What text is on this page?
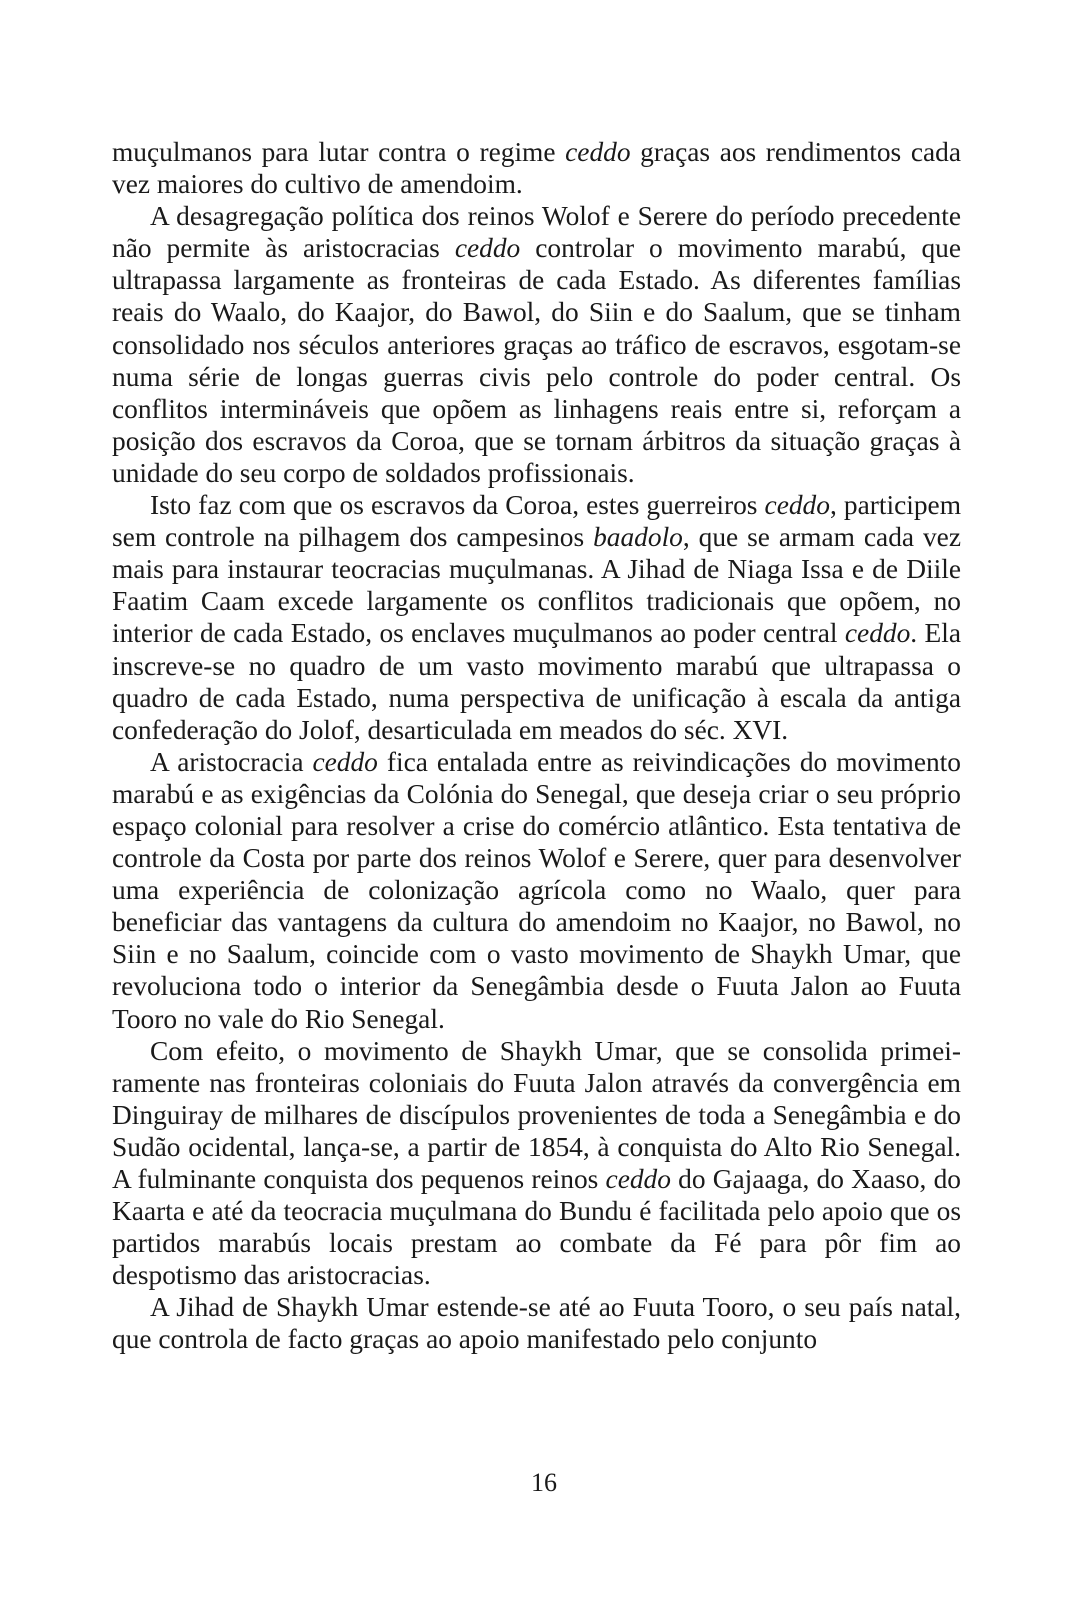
muçulmanos para lutar contra o regime ceddo graças aos rendimentos cada vez maiores do cultivo de amendoim.

A desagregação política dos reinos Wolof e Serere do período precedente não permite às aristocracias ceddo controlar o movimento marabú, que ultrapassa largamente as fronteiras de cada Estado. As diferentes famílias reais do Waalo, do Kaajor, do Bawol, do Siin e do Saalum, que se tinham consolidado nos séculos anteriores graças ao tráfico de escravos, esgotam-se numa série de longas guerras civis pelo controle do poder central. Os conflitos intermináveis que opõem as linhagens reais entre si, reforçam a posição dos escravos da Coroa, que se tornam árbitros da situação graças à unidade do seu corpo de soldados profissionais.

Isto faz com que os escravos da Coroa, estes guerreiros ceddo, participem sem controle na pilhagem dos campesinos baadolo, que se armam cada vez mais para instaurar teocracias muçulmanas. A Jihad de Niaga Issa e de Diile Faatim Caam excede largamente os conflitos tradicionais que opõem, no interior de cada Estado, os enclaves muçulmanos ao poder central ceddo. Ela inscreve-se no quadro de um vasto movimento marabú que ultrapassa o quadro de cada Estado, numa perspectiva de unificação à escala da antiga confederação do Jolof, desarticulada em meados do séc. XVI.

A aristocracia ceddo fica entalada entre as reivindicações do movimento marabú e as exigências da Colónia do Senegal, que deseja criar o seu próprio espaço colonial para resolver a crise do comércio atlântico. Esta tentativa de controle da Costa por parte dos reinos Wolof e Serere, quer para desenvolver uma experiência de colonização agrícola como no Waalo, quer para beneficiar das vantagens da cultura do amendoim no Kaajor, no Bawol, no Siin e no Saalum, coincide com o vasto movimento de Shaykh Umar, que revoluciona todo o interior da Senegâmbia desde o Fuuta Jalon ao Fuuta Tooro no vale do Rio Senegal.

Com efeito, o movimento de Shaykh Umar, que se consolida primeiramente nas fronteiras coloniais do Fuuta Jalon através da convergência em Dinguiray de milhares de discípulos provenientes de toda a Senegâmbia e do Sudão ocidental, lança-se, a partir de 1854, à conquista do Alto Rio Senegal. A fulminante conquista dos pequenos reinos ceddo do Gajaaga, do Xaaso, do Kaarta e até da teocracia muçulmana do Bundu é facilitada pelo apoio que os partidos marabús locais prestam ao combate da Fé para pôr fim ao despotismo das aristocracias.

A Jihad de Shaykh Umar estende-se até ao Fuuta Tooro, o seu país natal, que controla de facto graças ao apoio manifestado pelo conjunto

16
